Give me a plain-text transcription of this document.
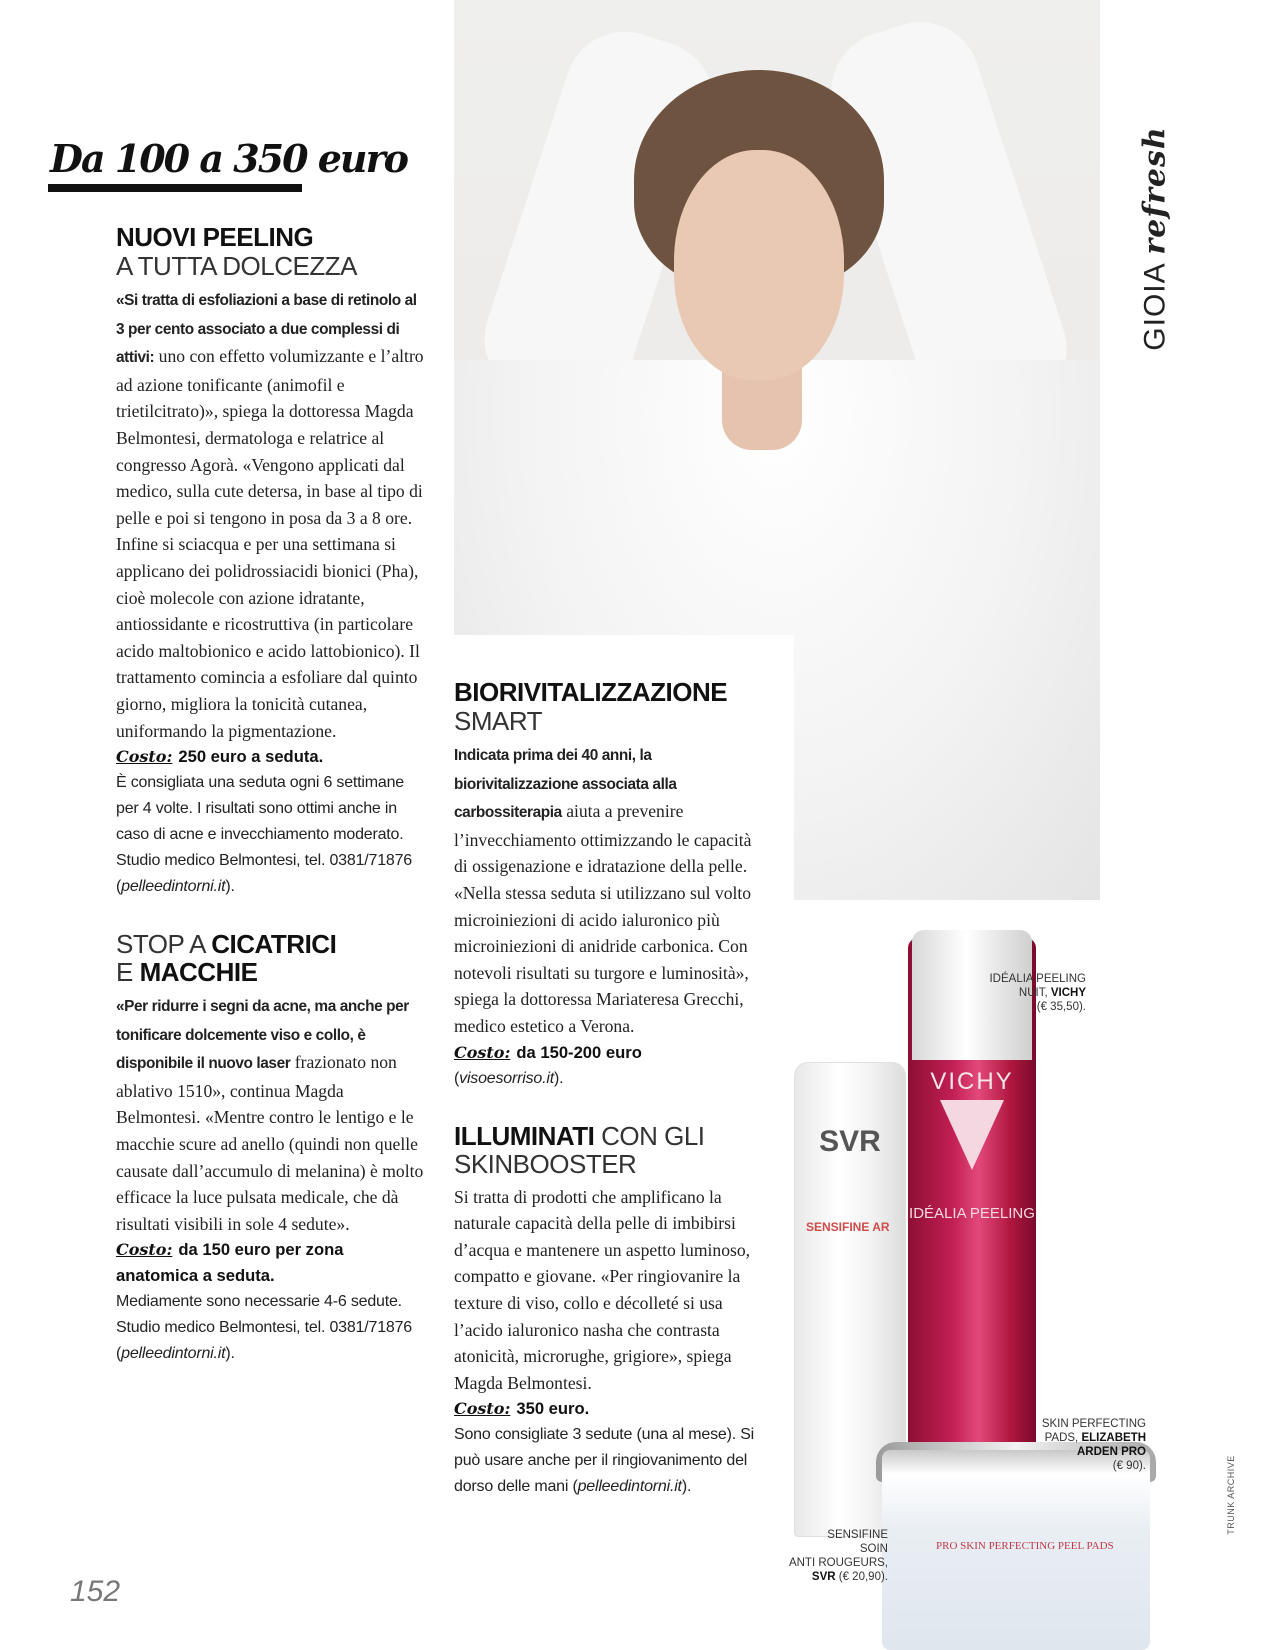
Da 100 a 350 euro
GIOIA refresh
NUOVI PEELING
A TUTTA DOLCEZZA
«Si tratta di esfoliazioni a base di retinolo al 3 per cento associato a due complessi di attivi: uno con effetto volumizzante e l’altro ad azione tonificante (animofil e trietilcitrato)», spiega la dottoressa Magda Belmontesi, dermatologa e relatrice al congresso Agorà. «Vengono applicati dal medico, sulla cute detersa, in base al tipo di pelle e poi si tengono in posa da 3 a 8 ore. Infine si sciacqua e per una settimana si applicano dei polidrossiacidi bionici (Pha), cioè molecole con azione idratante, antiossidante e ricostruttiva (in particolare acido maltobionico e acido lattobionico). Il trattamento comincia a esfoliare dal quinto giorno, migliora la tonicità cutanea, uniformando la pigmentazione.
Costo: 250 euro a seduta.
È consigliata una seduta ogni 6 settimane per 4 volte. I risultati sono ottimi anche in caso di acne e invecchiamento moderato. Studio medico Belmontesi, tel. 0381/71876 (pelleedintorni.it).
STOP A CICATRICI
E MACCHIE
«Per ridurre i segni da acne, ma anche per tonificare dolcemente viso e collo, è disponibile il nuovo laser frazionato non ablativo 1510», continua Magda Belmontesi. «Mentre contro le lentigo e le macchie scure ad anello (quindi non quelle causate dall’accumulo di melanina) è molto efficace la luce pulsata medicale, che dà risultati visibili in sole 4 sedute».
Costo: da 150 euro per zona anatomica a seduta.
Mediamente sono necessarie 4-6 sedute. Studio medico Belmontesi, tel. 0381/71876 (pelleedintorni.it).
BIORIVITALIZZAZIONE
SMART
Indicata prima dei 40 anni, la biorivitalizzazione associata alla carbossiterapia aiuta a prevenire l’invecchiamento ottimizzando le capacità di ossigenazione e idratazione della pelle. «Nella stessa seduta si utilizzano sul volto microiniezioni di acido ialuronico più microiniezioni di anidride carbonica. Con notevoli risultati su turgore e luminosità», spiega la dottoressa Mariateresa Grecchi, medico estetico a Verona.
Costo: da 150-200 euro
(visoesorriso.it).
ILLUMINATI CON GLI
SKINBOOSTER
Si tratta di prodotti che amplificano la naturale capacità della pelle di imbibirsi d’acqua e mantenere un aspetto luminoso, compatto e giovane. «Per ringiovanire la texture di viso, collo e décolleté si usa l’acido ialuronico nasha che contrasta atonicità, microrughe, grigiore», spiega Magda Belmontesi.
Costo: 350 euro.
Sono consigliate 3 sedute (una al mese). Si può usare anche per il ringiovanimento del dorso delle mani (pelleedintorni.it).
SVR
SENSIFINE AR
VICHY
IDÉALIA PEELING
PRO SKIN PERFECTING PEEL PADS
IDÉALIA PEELING
NUIT, VICHY
(€ 35,50).
SKIN PERFECTING
PADS, ELIZABETH ARDEN PRO
(€ 90).
SENSIFINE
SOIN
ANTI ROUGEURS,
SVR (€ 20,90).
152
TRUNK ARCHIVE
